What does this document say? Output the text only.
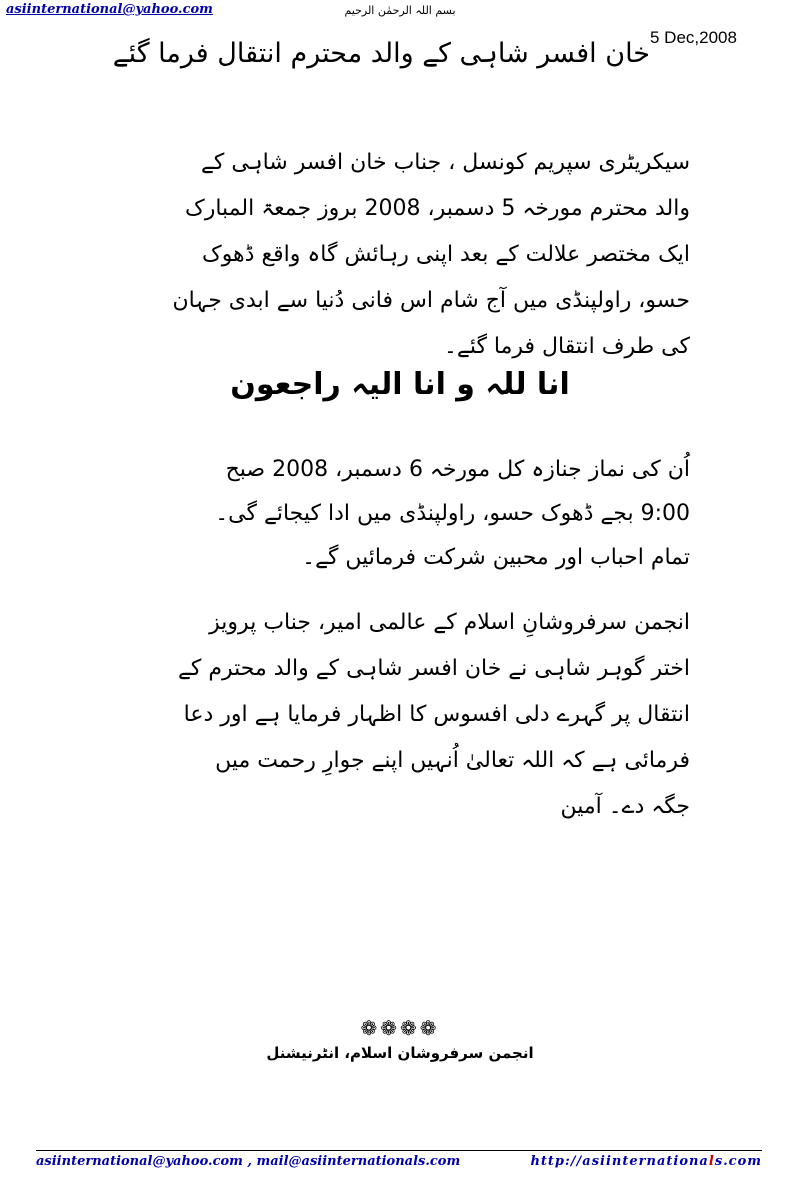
asiinternational@yahoo.com	بسم اللہ الرحمٰن الرحیم
5 Dec,2008
خان افسر شاہی کے والد محترم انتقال فرما گئے
سیکریٹری سپریم کونسل ، جناب خان افسر شاہی کے والد محترم مورخہ 5 دسمبر، 2008 بروز جمعۃ المبارک ایک مختصر علالت کے بعد اپنی رہائش گاہ واقع ڈھوک حسو، راولپنڈی میں آج شام اس فانی دُنیا سے ابدی جہان کی طرف انتقال فرما گئے۔
انا للہ و انا الیہ راجعون
اُن کی نماز جنازہ کل مورخہ 6 دسمبر، 2008 صبح 9:00 بجے ڈھوک حسو، راولپنڈی میں ادا کیجائے گی۔ تمام احباب اور محبین شرکت فرمائیں گے۔
انجمن سرفروشانِ اسلام کے عالمی امیر، جناب پرویز اختر گوہر شاہی نے خان افسر شاہی کے والد محترم کے انتقال پر گہرے دلی افسوس کا اظہار فرمایا ہے اور دعا فرمائی ہے کہ اللہ تعالیٰ اُنہیں اپنے جوارِ رحمت میں جگہ دے۔ آمین
❁❁❁❁
انجمن سرفروشان اسلام، انٹرنیشنل
asiinternational@yahoo.com , mail@asiinternationals.com	http://asiinternationals.com
